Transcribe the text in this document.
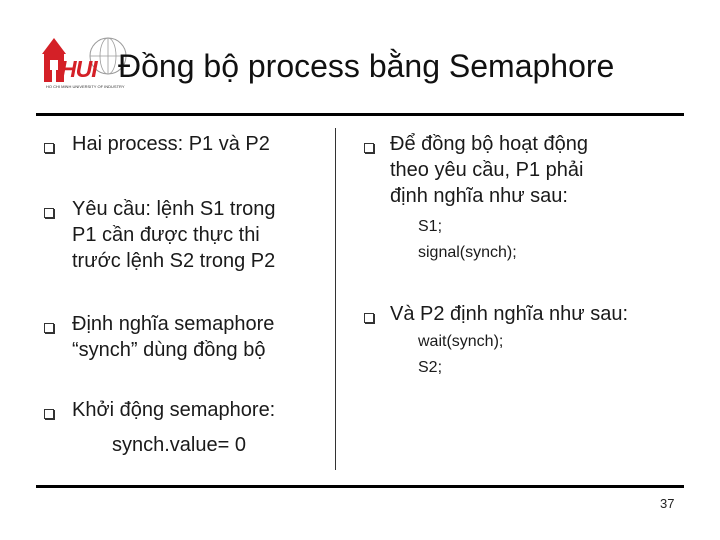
HUI
HO CHI MINH UNIVERSITY OF INDUSTRY
Đồng bộ process bằng Semaphore
Hai process: P1 và P2
Yêu cầu: lệnh S1 trong
P1 cần được thực thi
trước lệnh S2 trong P2
Định nghĩa semaphore
“synch” dùng đồng bộ
Khởi động semaphore:
synch.value= 0
Để đồng bộ hoạt động
theo yêu cầu, P1 phải
định nghĩa như sau:
S1;
signal(synch);
Và P2 định nghĩa như sau:
wait(synch);
S2;
37
